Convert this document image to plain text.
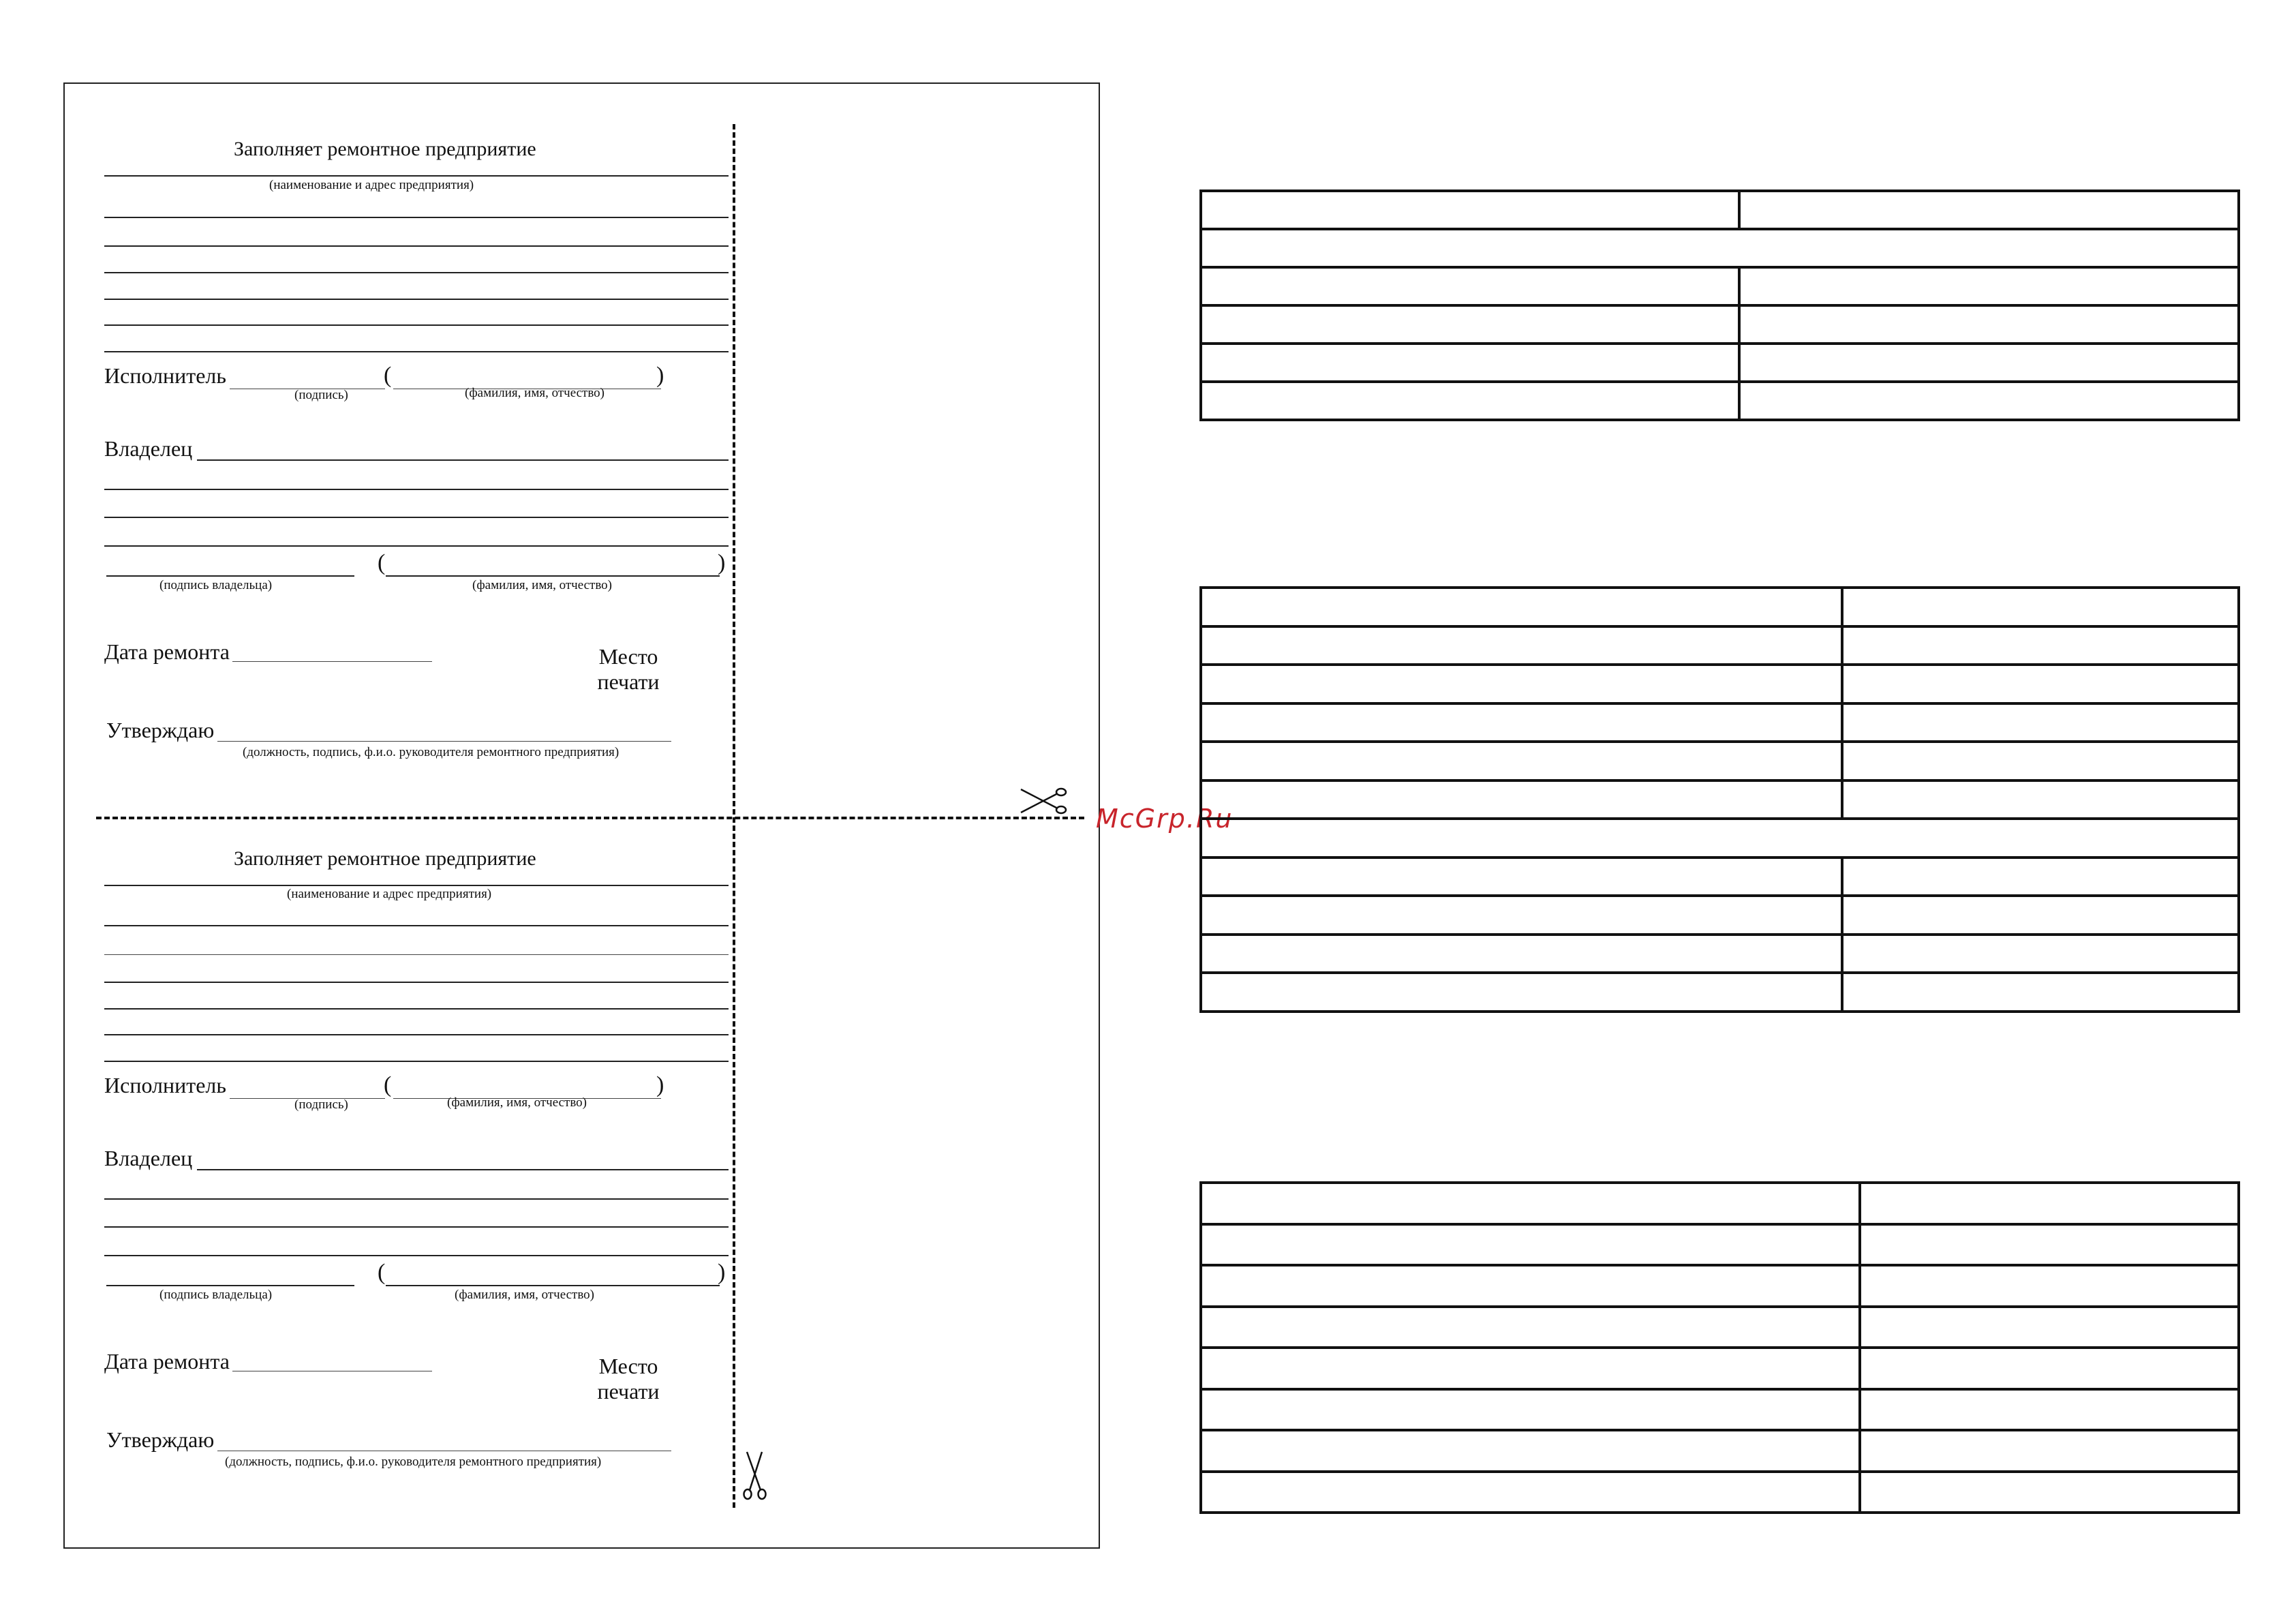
Заполняет ремонтное предприятие
(наименование и адрес предприятия)
Исполнитель	(	)
(подпись)	(фамилия, имя, отчество)
Владелец
(	)
(подпись владельца)	(фамилия, имя, отчество)
Дата ремонта	Место
печати
Утверждаю
(должность, подпись, ф.и.о. руководителя ремонтного предприятия)
Заполняет ремонтное предприятие
(наименование и адрес предприятия)
Исполнитель	(	)
(подпись)	(фамилия, имя, отчество)
Владелец
(	)
(подпись владельца)	(фамилия, имя, отчество)
Дата ремонта	Место
печати
Утверждаю
(должность, подпись, ф.и.о. руководителя ремонтного предприятия)
McGrp.Ru
